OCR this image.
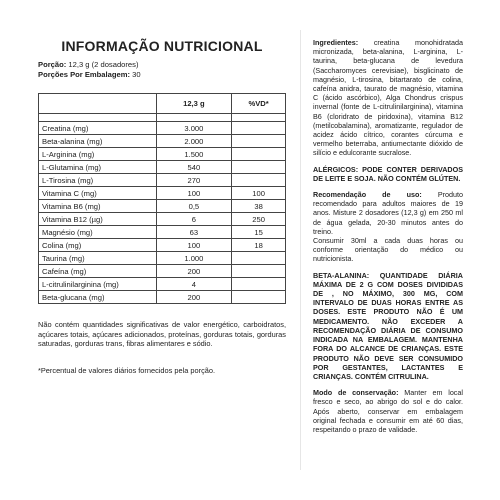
INFORMAÇÃO NUTRICIONAL
Porção: 12,3 g (2 dosadores)
Porções Por Embalagem: 30
	12,3 g	%VD*

Creatina (mg)	3.000	
Beta-alanina (mg)	2.000	
L-Arginina (mg)	1.500	
L-Glutamina (mg)	540	
L-Tirosina (mg)	270	
Vitamina C (mg)	100	100
Vitamina B6 (mg)	0,5	38
Vitamina B12 (µg)	6	250
Magnésio (mg)	63	15
Colina (mg)	100	18
Taurina (mg)	1.000	
Cafeína (mg)	200	
L-citrulinilarginina (mg)	4	
Beta-glucana (mg)	200	
Não contém quantidades significativas de valor energético, carboidratos, açúcares totais, açúcares adicionados, proteínas, gorduras totais, gorduras saturadas, gorduras trans, fibras alimentares e sódio.
*Percentual de valores diários fornecidos pela porção.

Ingredientes: creatina monohidratada micronizada, beta-alanina, L-arginina, L-taurina, beta-glucana de levedura (Saccharomyces cerevisiae), bisglicinato de magnésio, L-tirosina, bitartarato de colina, cafeína anidra, taurato de magnésio, vitamina C (ácido ascórbico), Alga Chondrus crispus invernal (fonte de L-citrulinilarginina), vitamina B6 (cloridrato de piridoxina), vitamina B12 (metilcobalamina), aromatizante, regulador de acidez ácido cítrico, corantes cúrcuma e vermelho beterraba, antiumectante dióxido de silício e edulcorante sucralose.

ALÉRGICOS: PODE CONTER DERIVADOS DE LEITE E SOJA. NÃO CONTÉM GLÚTEN.

Recomendação de uso: Produto recomendado para adultos maiores de 19 anos. Misture 2 dosadores (12,3 g) em 250 ml de água gelada, 20-30 minutos antes do treino.
Consumir 30ml a cada duas horas ou conforme orientação do médico ou nutricionista.

BETA-ALANINA: QUANTIDADE DIÁRIA MÁXIMA DE 2 G COM DOSES DIVIDIDAS DE , NO MÁXIMO, 300 MG, COM INTERVALO DE DUAS HORAS ENTRE AS DOSES. ESTE PRODUTO NÃO É UM MEDICAMENTO. NÃO EXCEDER A RECOMENDAÇÃO DIÁRIA DE CONSUMO INDICADA NA EMBALAGEM. MANTENHA FORA DO ALCANCE DE CRIANÇAS. ESTE PRODUTO NÃO DEVE SER CONSUMIDO POR GESTANTES, LACTANTES E CRIANÇAS. CONTÉM CITRULINA.

Modo de conservação: Manter em local fresco e seco, ao abrigo do sol e do calor. Após aberto, conservar em embalagem original fechada e consumir em até 60 dias, respeitando o prazo de validade.
